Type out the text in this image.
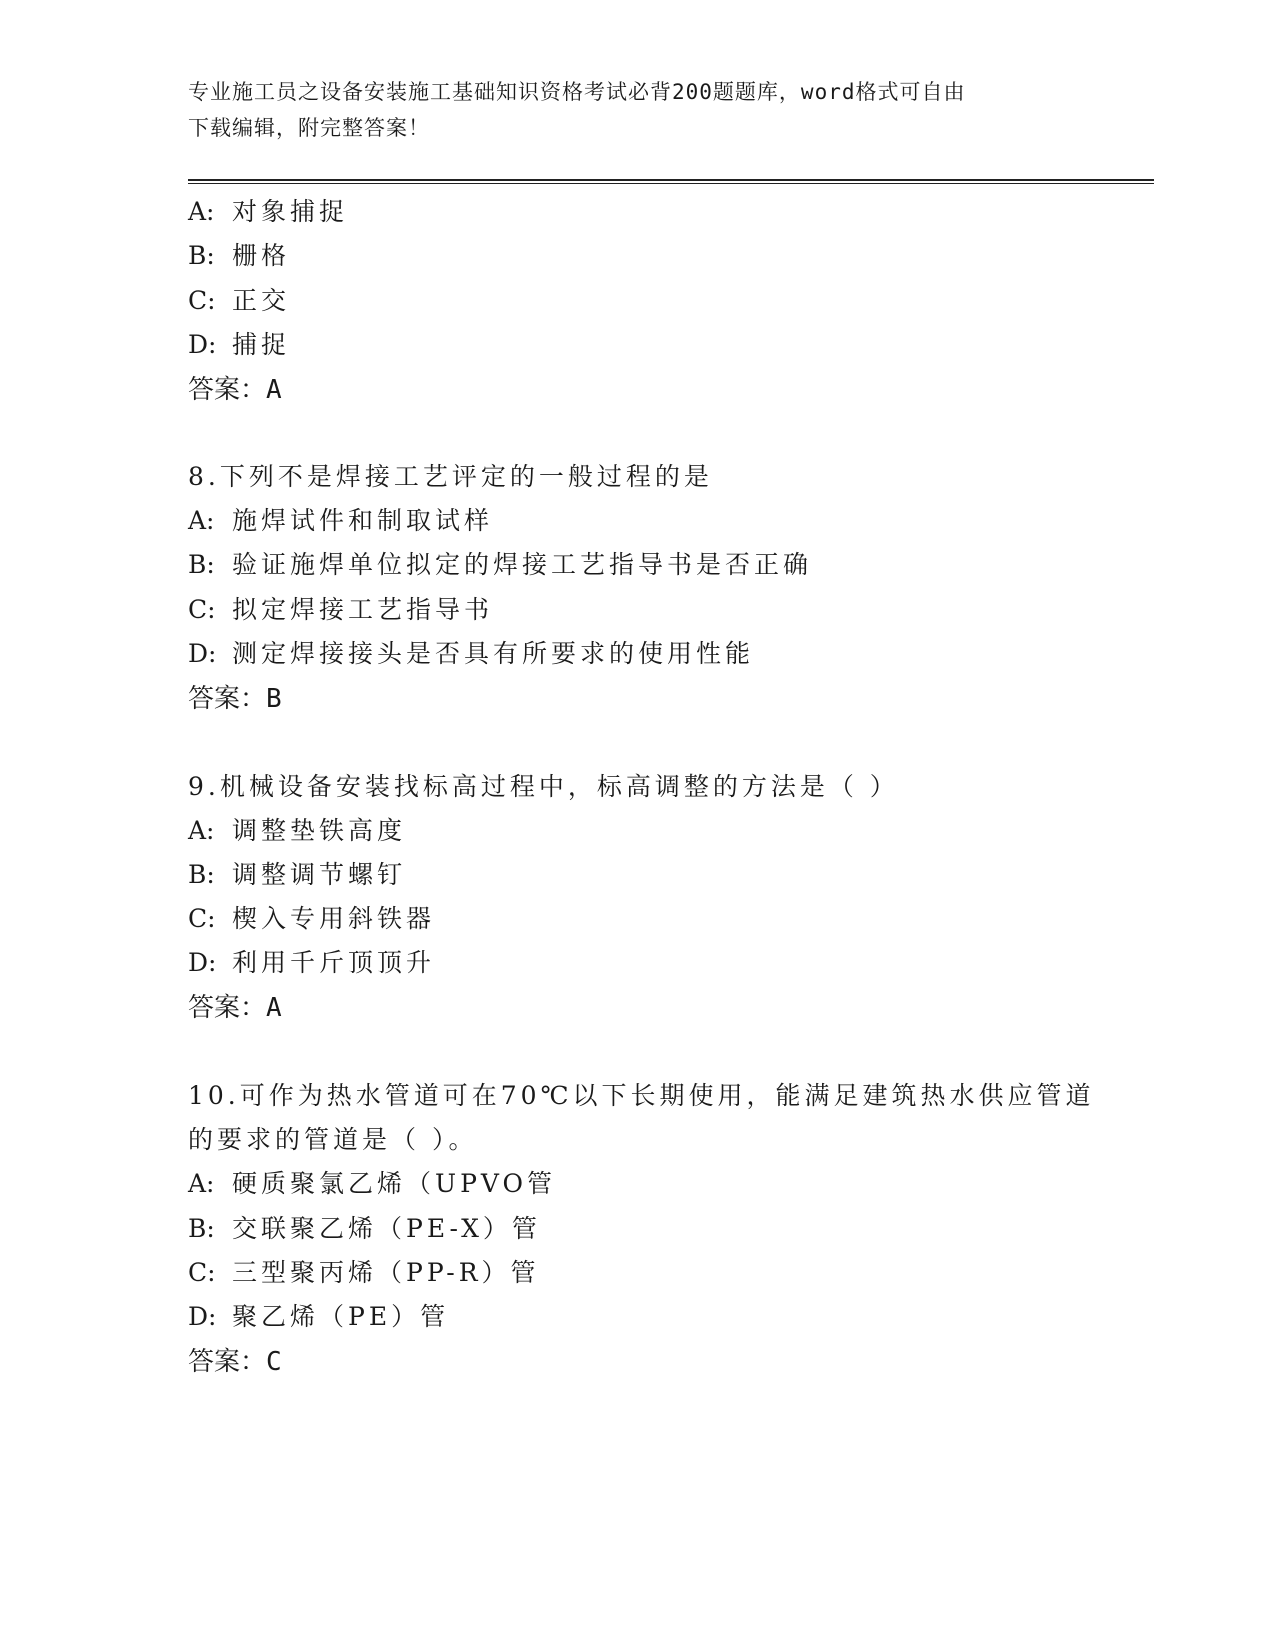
专业施工员之设备安装施工基础知识资格考试必背200题题库，word格式可自由
下载编辑，附完整答案！
A: 对象捕捉
B: 栅格
C: 正交
D: 捕捉
答案：A
8.下列不是焊接工艺评定的一般过程的是
A: 施焊试件和制取试样
B: 验证施焊单位拟定的焊接工艺指导书是否正确
C: 拟定焊接工艺指导书
D: 测定焊接接头是否具有所要求的使用性能
答案：B
9.机械设备安装找标高过程中，标高调整的方法是（ ）
A: 调整垫铁高度
B: 调整调节螺钉
C: 楔入专用斜铁器
D: 利用千斤顶顶升
答案：A
10.可作为热水管道可在70℃以下长期使用，能满足建筑热水供应管道
的要求的管道是（ ）。
A: 硬质聚氯乙烯（UPVO管
B: 交联聚乙烯（PE-X）管
C: 三型聚丙烯（PP-R）管
D: 聚乙烯（PE）管
答案：C
